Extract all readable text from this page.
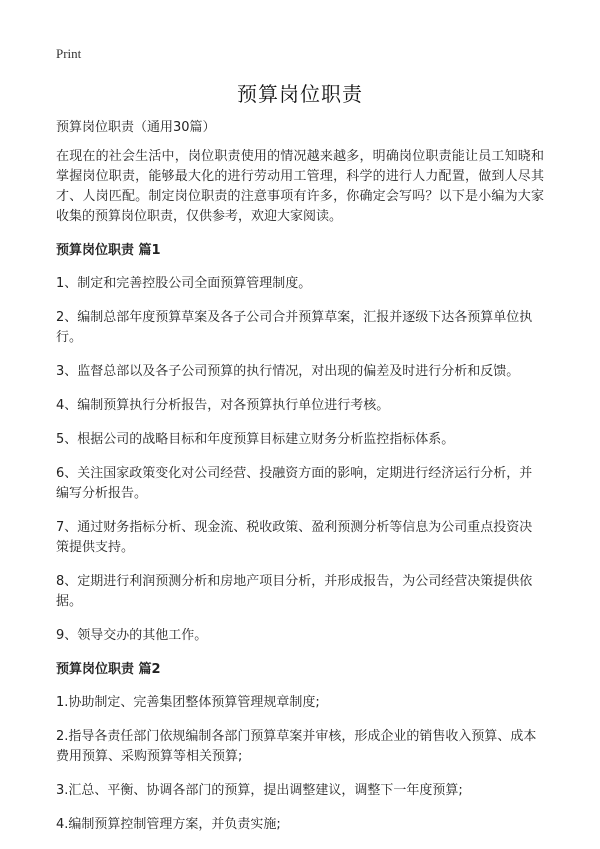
Print
预算岗位职责

预算岗位职责（通用30篇）

在现在的社会生活中，岗位职责使用的情况越来越多，明确岗位职责能让员工知晓和掌握岗位职责，能够最大化的进行劳动用工管理，科学的进行人力配置，做到人尽其才、人岗匹配。制定岗位职责的注意事项有许多，你确定会写吗？以下是小编为大家收集的预算岗位职责，仅供参考，欢迎大家阅读。

预算岗位职责 篇1

1、制定和完善控股公司全面预算管理制度。

2、编制总部年度预算草案及各子公司合并预算草案，汇报并逐级下达各预算单位执行。

3、监督总部以及各子公司预算的执行情况，对出现的偏差及时进行分析和反馈。

4、编制预算执行分析报告，对各预算执行单位进行考核。

5、根据公司的战略目标和年度预算目标建立财务分析监控指标体系。

6、关注国家政策变化对公司经营、投融资方面的影响，定期进行经济运行分析，并编写分析报告。

7、通过财务指标分析、现金流、税收政策、盈利预测分析等信息为公司重点投资决策提供支持。

8、定期进行利润预测分析和房地产项目分析，并形成报告，为公司经营决策提供依据。

9、领导交办的其他工作。

预算岗位职责 篇2

1.协助制定、完善集团整体预算管理规章制度;

2.指导各责任部门依规编制各部门预算草案并审核，形成企业的销售收入预算、成本费用预算、采购预算等相关预算;

3.汇总、平衡、协调各部门的预算，提出调整建议，调整下一年度预算;

4.编制预算控制管理方案，并负责实施;
